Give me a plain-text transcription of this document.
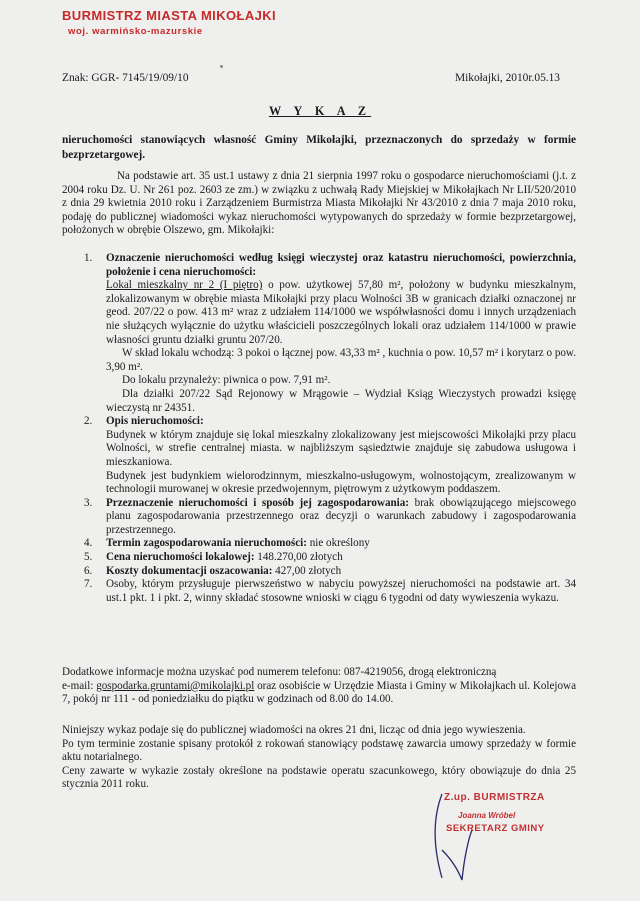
BURMISTRZ MIASTA MIKOŁAJKI
woj. warmińsko-mazurskie
Znak: GGR- 7145/19/09/10	Mikołajki, 2010r.05.13
W Y K A Z
nieruchomości stanowiących własność Gminy Mikołajki, przeznaczonych do sprzedaży w formie bezprzetargowej.
Na podstawie art. 35 ust.1 ustawy z dnia 21 sierpnia 1997 roku o gospodarce nieruchomościami (j.t. z 2004 roku Dz. U. Nr 261 poz. 2603 ze zm.) w związku z uchwałą Rady Miejskiej w Mikołajkach Nr LII/520/2010 z dnia 29 kwietnia 2010 roku i Zarządzeniem Burmistrza Miasta Mikołajki Nr 43/2010 z dnia 7 maja 2010 roku, podaję do publicznej wiadomości wykaz nieruchomości wytypowanych do sprzedaży w formie bezprzetargowej, położonych w obrębie Olszewo, gm. Mikołajki:
1. Oznaczenie nieruchomości według księgi wieczystej oraz katastru nieruchomości, powierzchnia, położenie i cena nieruchomości:

Lokal mieszkalny nr 2 (I piętro) o pow. użytkowej 57,80 m², położony w budynku mieszkalnym, zlokalizowanym w obrębie miasta Mikołajki przy placu Wolności 3B w granicach działki oznaczonej nr geod. 207/22 o pow. 413 m² wraz z udziałem 114/1000 we współwłasności domu i innych urządzeniach nie służących wyłącznie do użytku właścicieli poszczególnych lokali oraz udziałem 114/1000 w prawie własności gruntu działki gruntu 207/20.

W skład lokalu wchodzą: 3 pokoi o łącznej pow. 43,33 m² , kuchnia o pow. 10,57 m² i korytarz o pow. 3,90 m².

Do lokalu przynależy: piwnica o pow. 7,91 m².

Dla działki 207/22 Sąd Rejonowy w Mrągowie – Wydział Ksiąg Wieczystych prowadzi księgę wieczystą nr 24351.

2. Opis nieruchomości:

Budynek w którym znajduje się lokal mieszkalny zlokalizowany jest miejscowości Mikołajki przy placu Wolności, w strefie centralnej miasta. w najbliższym sąsiedztwie znajduje się zabudowa usługowa i mieszkaniowa.

Budynek jest budynkiem wielorodzinnym, mieszkalno-usługowym, wolnostojącym, zrealizowanym w technologii murowanej w okresie przedwojennym, piętrowym z użytkowym poddaszem.

3. Przeznaczenie nieruchomości i sposób jej zagospodarowania: brak obowiązującego miejscowego planu zagospodarowania przestrzennego oraz decyzji o warunkach zabudowy i zagospodarowania przestrzennego.

4. Termin zagospodarowania nieruchomości: nie określony

5. Cena nieruchomości lokalowej: 148.270,00 złotych

6. Koszty dokumentacji oszacowania: 427,00 złotych

7. Osoby, którym przysługuje pierwszeństwo w nabyciu powyższej nieruchomości na podstawie art. 34 ust.1 pkt. 1 i pkt. 2, winny składać stosowne wnioski w ciągu 6 tygodni od daty wywieszenia wykazu.

Dodatkowe informacje można uzyskać pod numerem telefonu: 087-4219056, drogą elektroniczną

e-mail: gospodarka.gruntami@mikolajki.pl oraz osobiście w Urzędzie Miasta i Gminy w Mikołajkach ul. Kolejowa 7, pokój nr 111 - od poniedziałku do piątku w godzinach od 8.00 do 14.00.

Niniejszy wykaz podaje się do publicznej wiadomości na okres 21 dni, licząc od dnia jego wywieszenia.

Po tym terminie zostanie spisany protokół z rokowań stanowiący podstawę zawarcia umowy sprzedaży w formie aktu notarialnego.

Ceny zawarte w wykazie zostały określone na podstawie operatu szacunkowego, który obowiązuje do dnia 25 stycznia 2011 roku.

Z.up. BURMISTRZA
Joanna Wróbel
SEKRETARZ GMINY
